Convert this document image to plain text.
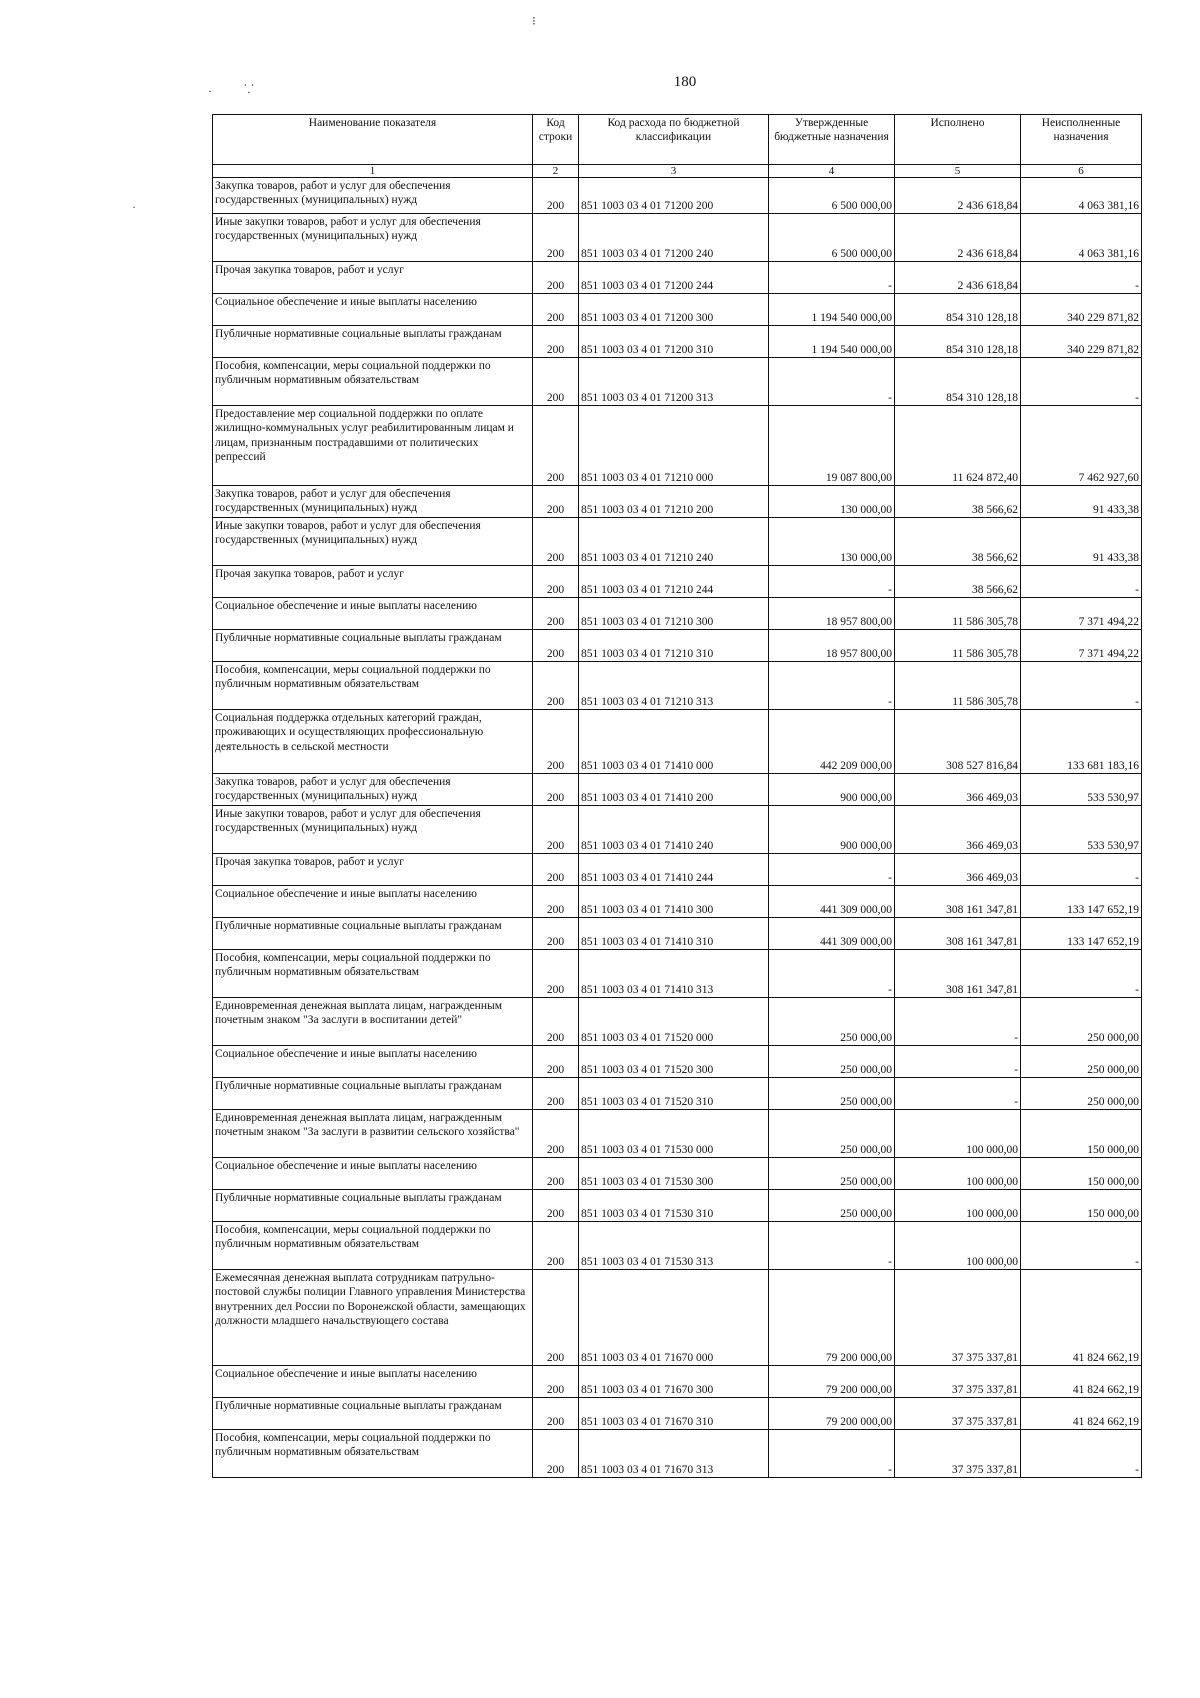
⁝
·	⸪
·
180
Наименование показателя	Код строки	Код расхода по бюджетной классификации	Утвержденные бюджетные назначения	Исполнено	Неисполненные назначения
1	2	3	4	5	6
Закупка товаров, работ и услуг для обеспечения государственных (муниципальных) нужд	200	851 1003 03 4 01 71200 200	6 500 000,00	2 436 618,84	4 063 381,16
Иные закупки товаров, работ и услуг для обеспечения государственных (муниципальных) нужд	200	851 1003 03 4 01 71200 240	6 500 000,00	2 436 618,84	4 063 381,16
Прочая закупка товаров, работ и услуг	200	851 1003 03 4 01 71200 244	-	2 436 618,84	-
Социальное обеспечение и иные выплаты населению	200	851 1003 03 4 01 71200 300	1 194 540 000,00	854 310 128,18	340 229 871,82
Публичные нормативные социальные выплаты гражданам	200	851 1003 03 4 01 71200 310	1 194 540 000,00	854 310 128,18	340 229 871,82
Пособия, компенсации, меры социальной поддержки по публичным нормативным обязательствам	200	851 1003 03 4 01 71200 313	-	854 310 128,18	-
Предоставление мер социальной поддержки по оплате жилищно-коммунальных услуг реабилитированным лицам и лицам, признанным пострадавшими от политических репрессий	200	851 1003 03 4 01 71210 000	19 087 800,00	11 624 872,40	7 462 927,60
Закупка товаров, работ и услуг для обеспечения государственных (муниципальных) нужд	200	851 1003 03 4 01 71210 200	130 000,00	38 566,62	91 433,38
Иные закупки товаров, работ и услуг для обеспечения государственных (муниципальных) нужд	200	851 1003 03 4 01 71210 240	130 000,00	38 566,62	91 433,38
Прочая закупка товаров, работ и услуг	200	851 1003 03 4 01 71210 244	-	38 566,62	-
Социальное обеспечение и иные выплаты населению	200	851 1003 03 4 01 71210 300	18 957 800,00	11 586 305,78	7 371 494,22
Публичные нормативные социальные выплаты гражданам	200	851 1003 03 4 01 71210 310	18 957 800,00	11 586 305,78	7 371 494,22
Пособия, компенсации, меры социальной поддержки по публичным нормативным обязательствам	200	851 1003 03 4 01 71210 313	-	11 586 305,78	-
Социальная поддержка отдельных категорий граждан, проживающих и осуществляющих профессиональную деятельность в сельской местности	200	851 1003 03 4 01 71410 000	442 209 000,00	308 527 816,84	133 681 183,16
Закупка товаров, работ и услуг для обеспечения государственных (муниципальных) нужд	200	851 1003 03 4 01 71410 200	900 000,00	366 469,03	533 530,97
Иные закупки товаров, работ и услуг для обеспечения государственных (муниципальных) нужд	200	851 1003 03 4 01 71410 240	900 000,00	366 469,03	533 530,97
Прочая закупка товаров, работ и услуг	200	851 1003 03 4 01 71410 244	-	366 469,03	-
Социальное обеспечение и иные выплаты населению	200	851 1003 03 4 01 71410 300	441 309 000,00	308 161 347,81	133 147 652,19
Публичные нормативные социальные выплаты гражданам	200	851 1003 03 4 01 71410 310	441 309 000,00	308 161 347,81	133 147 652,19
Пособия, компенсации, меры социальной поддержки по публичным нормативным обязательствам	200	851 1003 03 4 01 71410 313	-	308 161 347,81	-
Единовременная денежная выплата лицам, награжденным почетным знаком "За заслуги в воспитании детей"	200	851 1003 03 4 01 71520 000	250 000,00	-	250 000,00
Социальное обеспечение и иные выплаты населению	200	851 1003 03 4 01 71520 300	250 000,00	-	250 000,00
Публичные нормативные социальные выплаты гражданам	200	851 1003 03 4 01 71520 310	250 000,00	-	250 000,00
Единовременная денежная выплата лицам, награжденным почетным знаком "За заслуги в развитии сельского хозяйства"	200	851 1003 03 4 01 71530 000	250 000,00	100 000,00	150 000,00
Социальное обеспечение и иные выплаты населению	200	851 1003 03 4 01 71530 300	250 000,00	100 000,00	150 000,00
Публичные нормативные социальные выплаты гражданам	200	851 1003 03 4 01 71530 310	250 000,00	100 000,00	150 000,00
Пособия, компенсации, меры социальной поддержки по публичным нормативным обязательствам	200	851 1003 03 4 01 71530 313	-	100 000,00	-
Ежемесячная денежная выплата сотрудникам патрульно-постовой службы полиции Главного управления Министерства внутренних дел России по Воронежской области, замещающих должности младшего начальствующего состава	200	851 1003 03 4 01 71670 000	79 200 000,00	37 375 337,81	41 824 662,19
Социальное обеспечение и иные выплаты населению	200	851 1003 03 4 01 71670 300	79 200 000,00	37 375 337,81	41 824 662,19
Публичные нормативные социальные выплаты гражданам	200	851 1003 03 4 01 71670 310	79 200 000,00	37 375 337,81	41 824 662,19
Пособия, компенсации, меры социальной поддержки по публичным нормативным обязательствам	200	851 1003 03 4 01 71670 313	-	37 375 337,81	-
